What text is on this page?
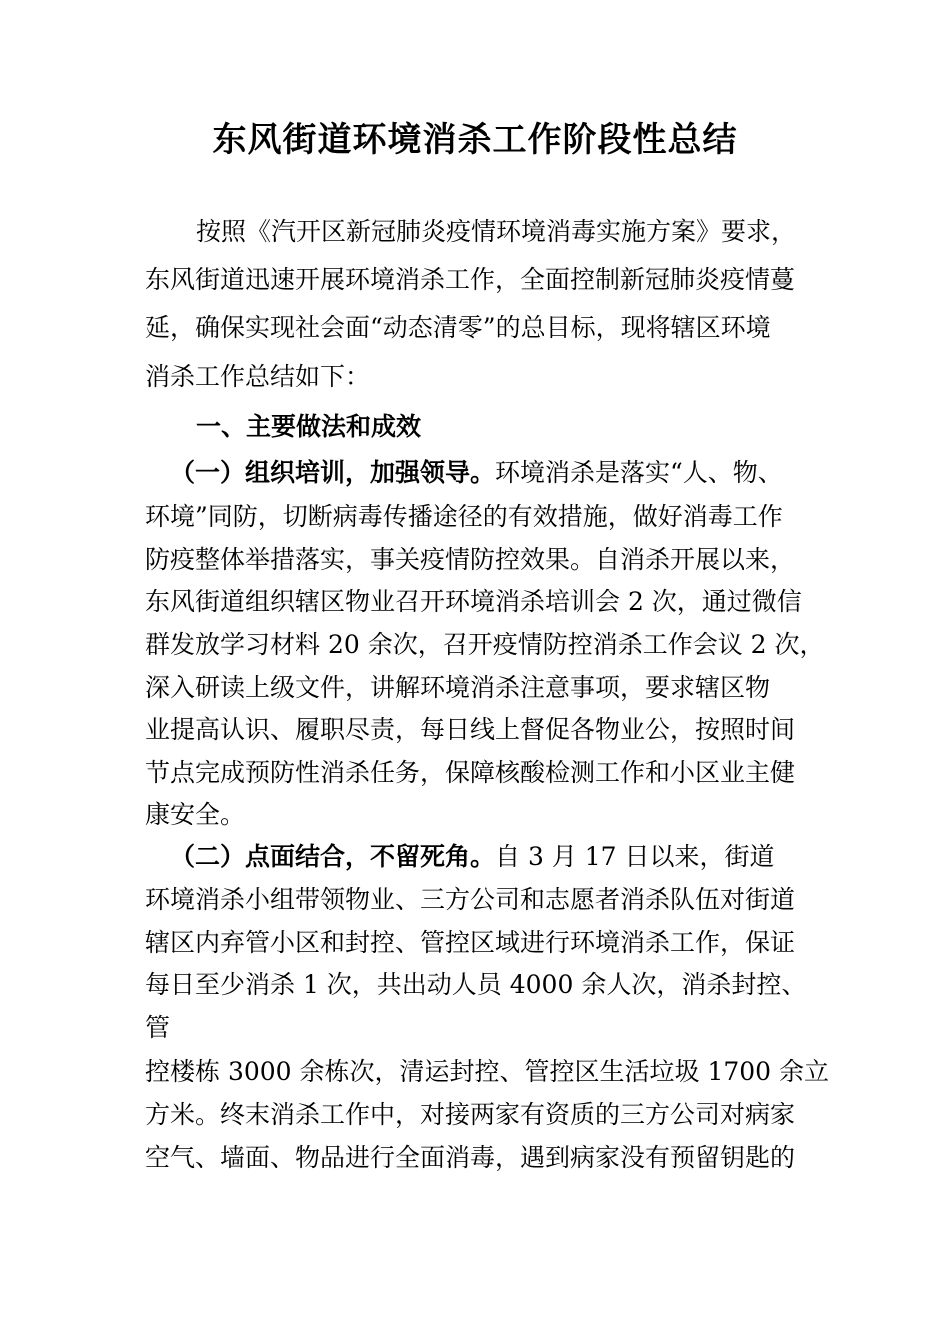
东风街道环境消杀工作阶段性总结
按照《汽开区新冠肺炎疫情环境消毒实施方案》要求，
东风街道迅速开展环境消杀工作，全面控制新冠肺炎疫情蔓
延，确保实现社会面“动态清零”的总目标，现将辖区环境
消杀工作总结如下：
一、主要做法和成效
（一）组织培训，加强领导。环境消杀是落实“人、物、
环境”同防，切断病毒传播途径的有效措施，做好消毒工作
防疫整体举措落实，事关疫情防控效果。自消杀开展以来，
东风街道组织辖区物业召开环境消杀培训会 2 次，通过微信
群发放学习材料 20 余次，召开疫情防控消杀工作会议 2 次，
深入研读上级文件，讲解环境消杀注意事项，要求辖区物
业提高认识、履职尽责，每日线上督促各物业公，按照时间
节点完成预防性消杀任务，保障核酸检测工作和小区业主健
康安全。
（二）点面结合，不留死角。自 3 月 17 日以来，街道
环境消杀小组带领物业、三方公司和志愿者消杀队伍对街道
辖区内弃管小区和封控、管控区域进行环境消杀工作，保证
每日至少消杀 1 次，共出动人员 4000 余人次，消杀封控、
管
控楼栋 3000 余栋次，清运封控、管控区生活垃圾 1700 余立
方米。终末消杀工作中，对接两家有资质的三方公司对病家
空气、墙面、物品进行全面消毒，遇到病家没有预留钥匙的
